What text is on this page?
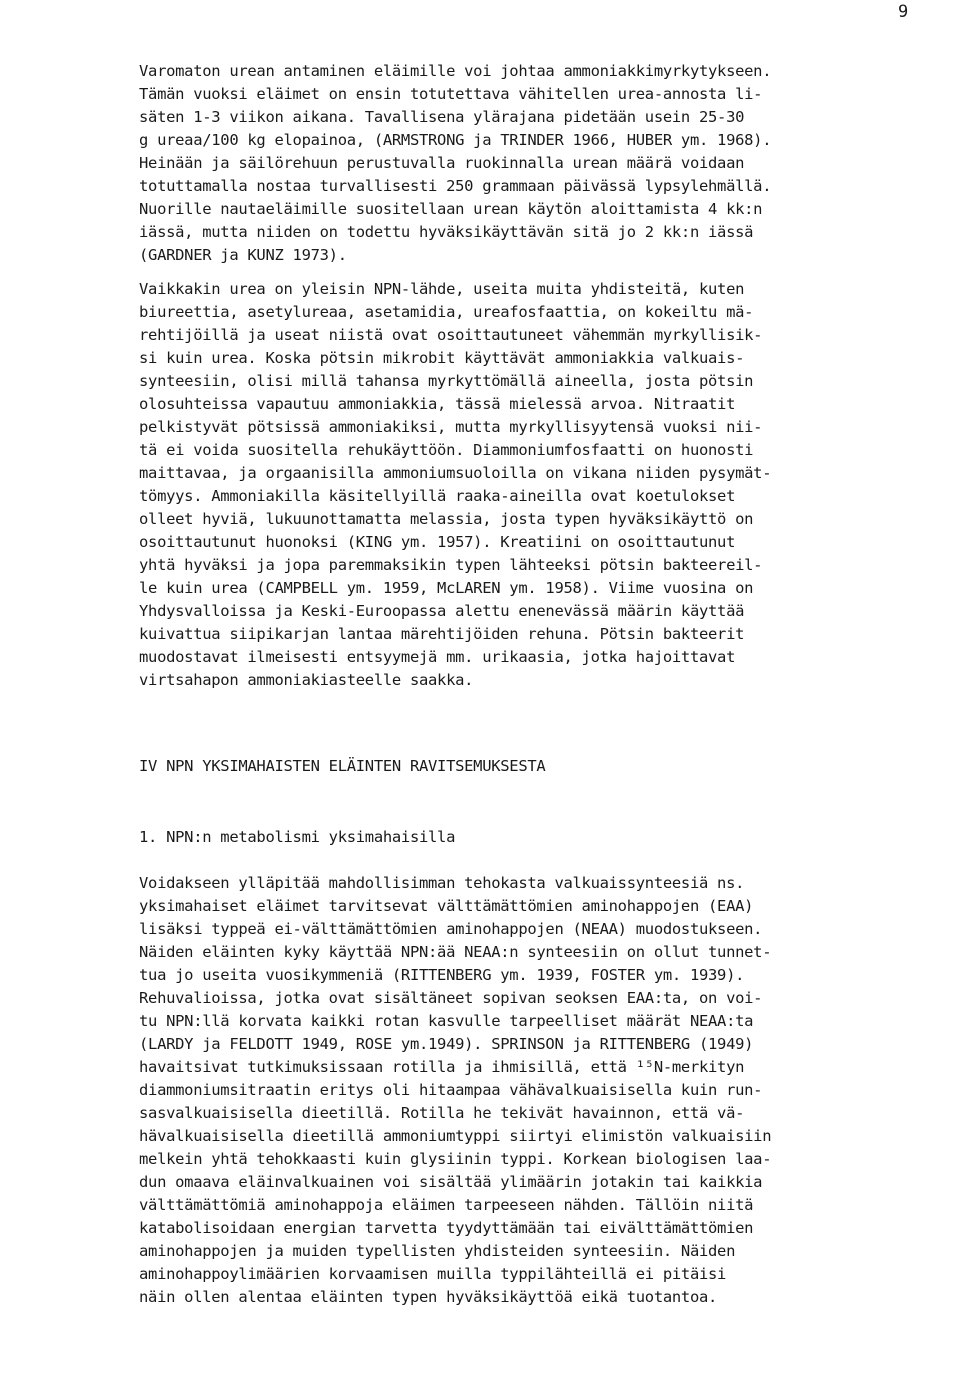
9
Varomaton urean antaminen eläimille voi johtaa ammoniakkimyrkytykseen.
Tämän vuoksi eläimet on ensin totutettava vähitellen urea-annosta li-
säten 1-3 viikon aikana. Tavallisena ylärajana pidetään usein 25-30
g ureaa/100 kg elopainoa, (ARMSTRONG ja TRINDER 1966, HUBER ym. 1968).
Heinään ja säilörehuun perustuvalla ruokinnalla urean määrä voidaan
totuttamalla nostaa turvallisesti 250 grammaan päivässä lypsylehmällä.
Nuorille nautaeläimille suositellaan urean käytön aloittamista 4 kk:n
iässä, mutta niiden on todettu hyväksikäyttävän sitä jo 2 kk:n iässä
(GARDNER ja KUNZ 1973).
Vaikkakin urea on yleisin NPN-lähde, useita muita yhdisteitä, kuten
biureettia, asetylureaa, asetamidia, ureafosfaattia, on kokeiltu mä-
rehtijöillä ja useat niistä ovat osoittautuneet vähemmän myrkyllisik-
si kuin urea. Koska pötsin mikrobit käyttävät ammoniakkia valkuais-
synteesiin, olisi millä tahansa myrkyttömällä aineella, josta pötsin
olosuhteissa vapautuu ammoniakkia, tässä mielessä arvoa. Nitraatit
pelkistyvät pötsissä ammoniakiksi, mutta myrkyllisyytensä vuoksi nii-
tä ei voida suositella rehukäyttöön. Diammoniumfosfaatti on huonosti
maittavaa, ja orgaanisilla ammoniumsuoloilla on vikana niiden pysymät-
tömyys. Ammoniakilla käsitellyillä raaka-aineilla ovat koetulokset
olleet hyviä, lukuunottamatta melassia, josta typen hyväksikäyttö on
osoittautunut huonoksi (KING ym. 1957). Kreatiini on osoittautunut
yhtä hyväksi ja jopa paremmaksikin typen lähteeksi pötsin bakteereil-
le kuin urea (CAMPBELL ym. 1959, McLAREN ym. 1958). Viime vuosina on
Yhdysvalloissa ja Keski-Euroopassa alettu enenevässä määrin käyttää
kuivattua siipikarjan lantaa märehtijöiden rehuna. Pötsin bakteerit
muodostavat ilmeisesti entsyymejä mm. urikaasia, jotka hajoittavat
virtsahapon ammoniakiasteelle saakka.
IV NPN YKSIMAHAISTEN ELÄINTEN RAVITSEMUKSESTA
1. NPN:n metabolismi yksimahaisilla
Voidakseen ylläpitää mahdollisimman tehokasta valkuaissynteesiä ns.
yksimahaiset eläimet tarvitsevat välttämättömien aminohappojen (EAA)
lisäksi typpeä ei-välttämättömien aminohappojen (NEAA) muodostukseen.
Näiden eläinten kyky käyttää NPN:ää NEAA:n synteesiin on ollut tunnet-
tua jo useita vuosikymmeniä (RITTENBERG ym. 1939, FOSTER ym. 1939).
Rehuvalioissa, jotka ovat sisältäneet sopivan seoksen EAA:ta, on voi-
tu NPN:llä korvata kaikki rotan kasvulle tarpeelliset määrät NEAA:ta
(LARDY ja FELDOTT 1949, ROSE ym.1949). SPRINSON ja RITTENBERG (1949)
havaitsivat tutkimuksissaan rotilla ja ihmisillä, että ¹⁵N-merkityn
diammoniumsitraatin eritys oli hitaampaa vähävalkuaisisella kuin run-
sasvalkuaisisella dieetillä. Rotilla he tekivät havainnon, että vä-
hävalkuaisisella dieetillä ammoniumtyppi siirtyi elimistön valkuaisiin
melkein yhtä tehokkaasti kuin glysiinin typpi. Korkean biologisen laa-
dun omaava eläinvalkuainen voi sisältää ylimäärin jotakin tai kaikkia
välttämättömiä aminohappoja eläimen tarpeeseen nähden. Tällöin niitä
katabolisoidaan energian tarvetta tyydyttämään tai eivälttämättömien
aminohappojen ja muiden typellisten yhdisteiden synteesiin. Näiden
aminohappoylimäärien korvaamisen muilla typpilähteillä ei pitäisi
näin ollen alentaa eläinten typen hyväksikäyttöä eikä tuotantoa.
